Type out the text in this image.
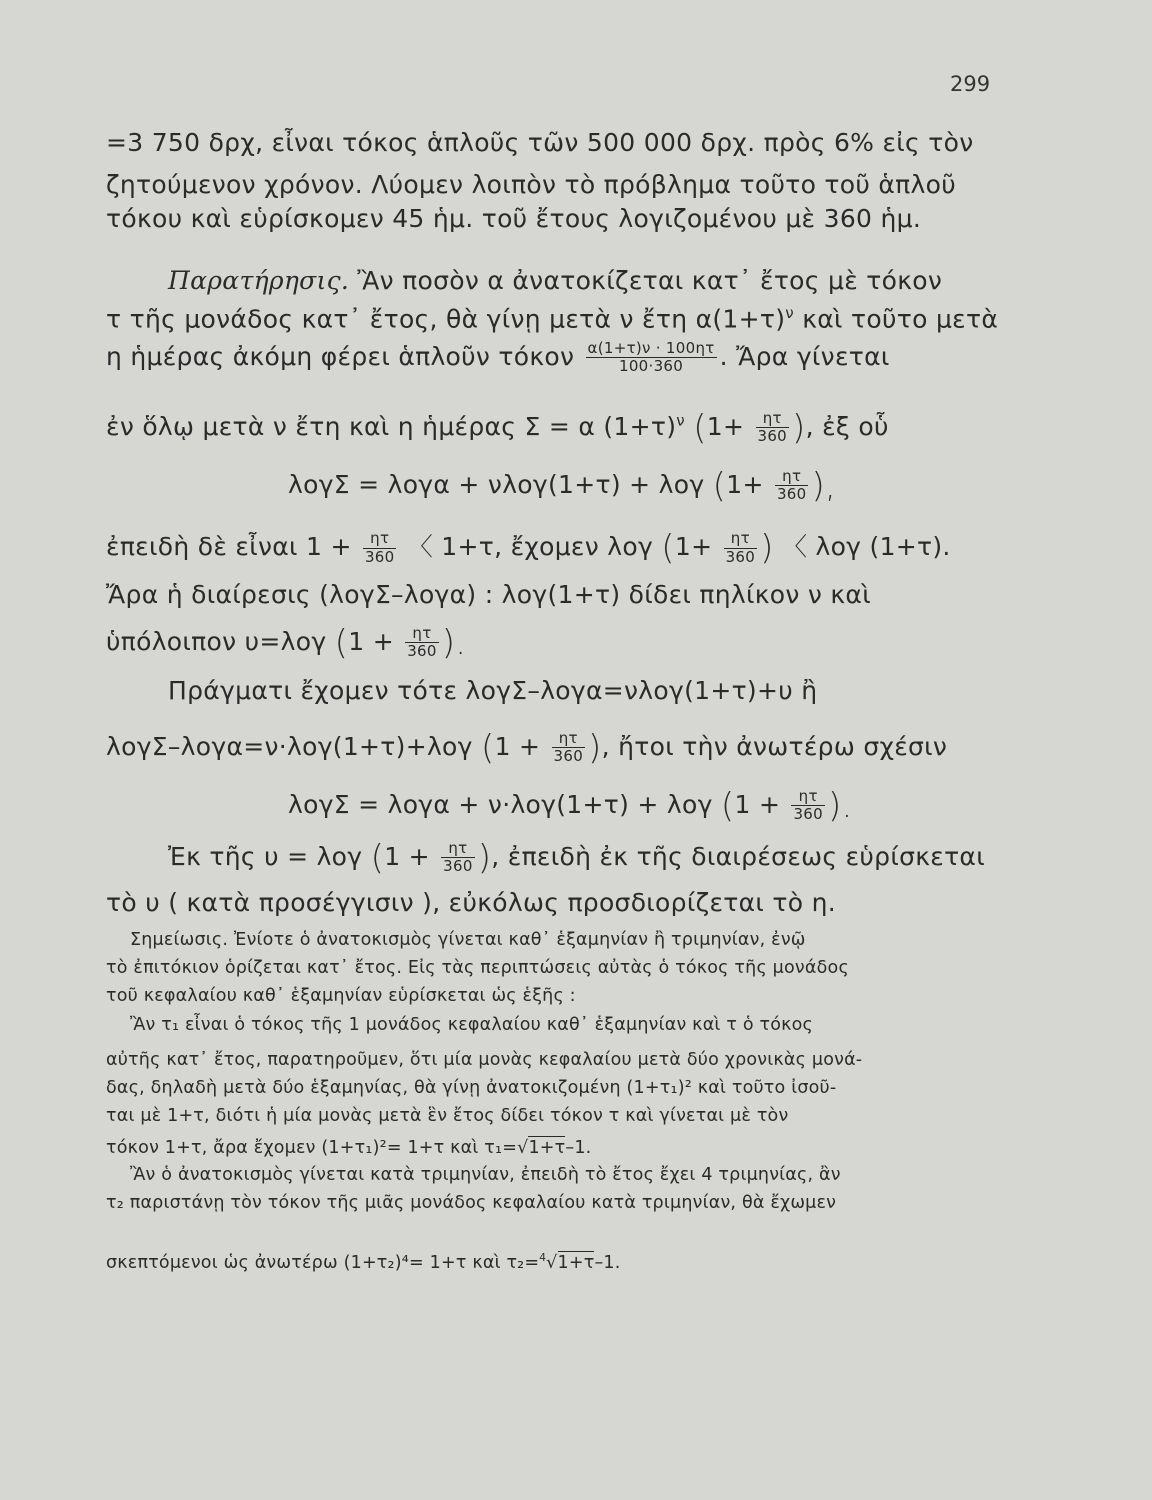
299
=3 750 δρχ, εἶναι τόκος ἁπλοῦς τῶν 500 000 δρχ. πρὸς 6% εἰς τὸν
ζητούμενον χρόνον. Λύομεν λοιπὸν τὸ πρόβλημα τοῦτο τοῦ ἁπλοῦ
τόκου καὶ εὑρίσκομεν 45 ἡμ. τοῦ ἔτους λογιζομένου μὲ 360 ἡμ.
Παρατήρησις. Ἂν ποσὸν α ἀνατοκίζεται κατ᾽ ἔτος μὲ τόκον
τ τῆς μονάδος κατ᾽ ἔτος, θὰ γίνῃ μετὰ ν ἔτη $\alpha(1+\tau)^\nu$ καὶ τοῦτο μετὰ
η ἡμέρας ἀκόμη φέρει ἁπλοῦν τόκον $\frac{\alpha(1+\tau)\nu \cdot 100\eta\tau}{100\cdot 360}$ . Ἄρα γίνεται
ἐν ὅλῳ μετὰ ν ἔτη καὶ η ἡμέρας Σ = α $(1+\tau)^\nu$ ($1+ \frac{\eta\tau}{360}$ ), ἐξ οὗ
λογΣ = λογα + νλογ(1+τ) + λογ ($1+ \frac{\eta\tau}{360}$ ),
ἐπειδὴ δὲ εἶναι $1 + \frac{\eta\tau}{360}$ 〈 1+τ, ἔχομεν λογ ($1+ \frac{\eta\tau}{360}$ ) 〈 λογ (1+τ).
Ἄρα ἡ διαίρεσις (λογΣ–λογα) : λογ(1+τ) δίδει πηλίκον ν καὶ
ὑπόλοιπον υ=λογ ($1 + \frac{\eta\tau}{360}$ ).
Πράγματι ἔχομεν τότε λογΣ–λογα=νλογ(1+τ)+υ ἢ
λογΣ–λογα=ν·λογ(1+τ)+λογ ($1 + \frac{\eta\tau}{360}$ ), ἤτοι τὴν ἀνωτέρω σχέσιν
λογΣ = λογα + ν·λογ(1+τ) + λογ ($1 + \frac{\eta\tau}{360}$ ).
Ἐκ τῆς υ = λογ ($1 + \frac{\eta\tau}{360}$ ), ἐπειδὴ ἐκ τῆς διαιρέσεως εὑρίσκεται
τὸ υ ( κατὰ προσέγγισιν ), εὐκόλως προσδιορίζεται τὸ η.
Σημείωσις. Ἐνίοτε ὁ ἀνατοκισμὸς γίνεται καθ᾽ ἑξαμηνίαν ἢ τριμηνίαν, ἐνῷ
τὸ ἐπιτόκιον ὁρίζεται κατ᾽ ἔτος. Εἰς τὰς περιπτώσεις αὐτὰς ὁ τόκος τῆς μονάδος
τοῦ κεφαλαίου καθ᾽ ἑξαμηνίαν εὑρίσκεται ὡς ἑξῆς :
Ἂν τ₁ εἶναι ὁ τόκος τῆς 1 μονάδος κεφαλαίου καθ᾽ ἑξαμηνίαν καὶ τ ὁ τόκος
αὐτῆς κατ᾽ ἔτος, παρατηροῦμεν, ὅτι μία μονὰς κεφαλαίου μετὰ δύο χρονικὰς μονά-
δας, δηλαδὴ μετὰ δύο ἑξαμηνίας, θὰ γίνῃ ἀνατοκιζομένη (1+τ₁)² καὶ τοῦτο ἰσοῦ-
ται μὲ 1+τ, διότι ἡ μία μονὰς μετὰ ἓν ἔτος δίδει τόκον τ καὶ γίνεται μὲ τὸν
τόκον 1+τ, ἄρα ἔχομεν (1+τ₁)²= 1+τ καὶ τ₁=√1+τ–1.
Ἂν ὁ ἀνατοκισμὸς γίνεται κατὰ τριμηνίαν, ἐπειδὴ τὸ ἔτος ἔχει 4 τριμηνίας, ἂν
τ₂ παριστάνῃ τὸν τόκον τῆς μιᾶς μονάδος κεφαλαίου κατὰ τριμηνίαν, θὰ ἔχωμεν
σκεπτόμενοι ὡς ἀνωτέρω (1+τ₂)⁴= 1+τ καὶ τ₂=$^4$√1+τ–1.
